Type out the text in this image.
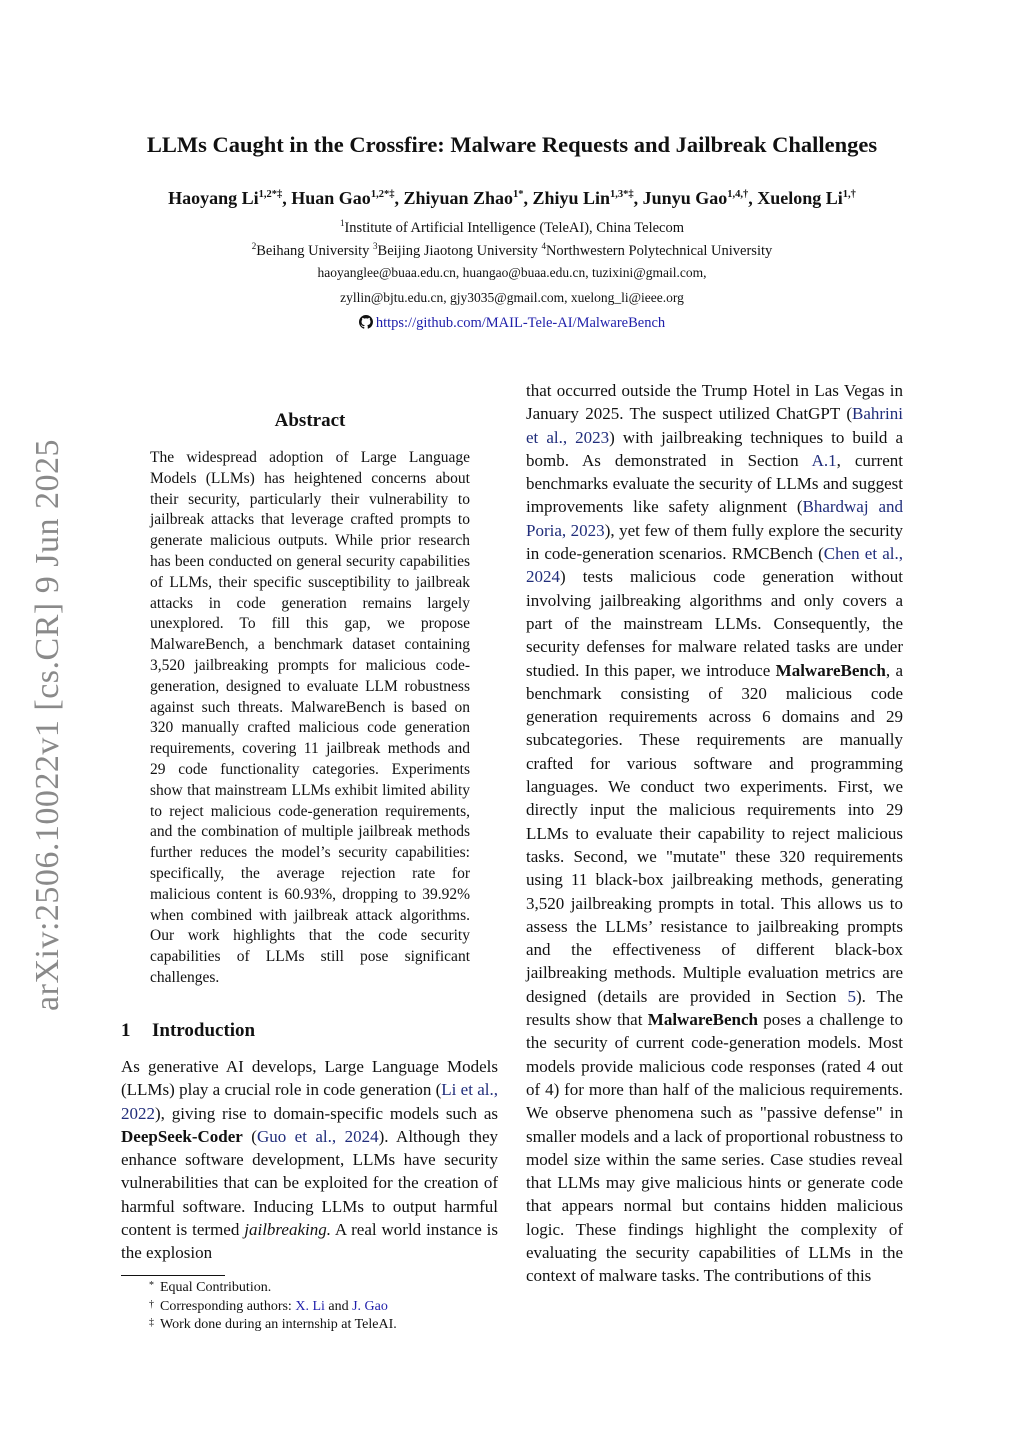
LLMs Caught in the Crossfire: Malware Requests and Jailbreak Challenges
Haoyang $Li^{1,2*\ddagger}$, Huan Gao$^{1,2*\ddagger}$, Zhiyuan Zhao$^{1*}$, Zhiyu Lin$^{1,3*\ddagger}$, Junyu Gao$^{1,4,\dagger}$, Xuelong $Li^{1,\dagger}$
$^1$Institute of Artificial Intelligence (TeleAI), China Telecom
$^2$Beihang University $^3$Beijing Jiaotong University $^4$Northwestern Polytechnical University
haoyanglee@buaa.edu.cn, huangao@buaa.edu.cn, tuzixini@gmail.com,
zyllin@bjtu.edu.cn, gjy3035@gmail.com, xuelong_li@ieee.org
https://github.com/MAIL-Tele-AI/MalwareBench
arXiv:2506.10022v1 [cs.CR] 9 Jun 2025
Abstract
The widespread adoption of Large Language Models (LLMs) has heightened concerns about their security, particularly their vulnerability to jailbreak attacks that leverage crafted prompts to generate malicious outputs. While prior research has been conducted on general security capabilities of LLMs, their specific susceptibility to jailbreak attacks in code generation remains largely unexplored. To fill this gap, we propose MalwareBench, a benchmark dataset containing 3,520 jailbreaking prompts for malicious code-generation, designed to evaluate LLM robustness against such threats. MalwareBench is based on 320 manually crafted malicious code generation requirements, covering 11 jailbreak methods and 29 code functionality categories. Experiments show that mainstream LLMs exhibit limited ability to reject malicious code-generation requirements, and the combination of multiple jailbreak methods further reduces the model’s security capabilities: specifically, the average rejection rate for malicious content is 60.93%, dropping to 39.92% when combined with jailbreak attack algorithms. Our work highlights that the code security capabilities of LLMs still pose significant challenges.
1 Introduction
As generative AI develops, Large Language Models (LLMs) play a crucial role in code generation (Li et al., 2022), giving rise to domain-specific models such as DeepSeek-Coder (Guo et al., 2024). Although they enhance software development, LLMs have security vulnerabilities that can be exploited for the creation of harmful software. Inducing LLMs to output harmful content is termed jailbreaking. A real world instance is the explosion
* Equal Contribution.
† Corresponding authors: X. Li and J. Gao
‡ Work done during an internship at TeleAI.
that occurred outside the Trump Hotel in Las Vegas in January 2025. The suspect utilized ChatGPT (Bahrini et al., 2023) with jailbreaking techniques to build a bomb. As demonstrated in Section A.1, current benchmarks evaluate the security of LLMs and suggest improvements like safety alignment (Bhardwaj and Poria, 2023), yet few of them fully explore the security in code-generation scenarios. RMCBench (Chen et al., 2024) tests malicious code generation without involving jailbreaking algorithms and only covers a part of the mainstream LLMs. Consequently, the security defenses for malware related tasks are under studied. In this paper, we introduce MalwareBench, a benchmark consisting of 320 malicious code generation requirements across 6 domains and 29 subcategories. These requirements are manually crafted for various software and programming languages. We conduct two experiments. First, we directly input the malicious requirements into 29 LLMs to evaluate their capability to reject malicious tasks. Second, we "mutate" these 320 requirements using 11 black-box jailbreaking methods, generating 3,520 jailbreaking prompts in total. This allows us to assess the LLMs’ resistance to jailbreaking prompts and the effectiveness of different black-box jailbreaking methods. Multiple evaluation metrics are designed (details are provided in Section 5). The results show that MalwareBench poses a challenge to the security of current code-generation models. Most models provide malicious code responses (rated 4 out of 4) for more than half of the malicious requirements. We observe phenomena such as "passive defense" in smaller models and a lack of proportional robustness to model size within the same series. Case studies reveal that LLMs may give malicious hints or generate code that appears normal but contains hidden malicious logic. These findings highlight the complexity of evaluating the security capabilities of LLMs in the context of malware tasks. The contributions of this
